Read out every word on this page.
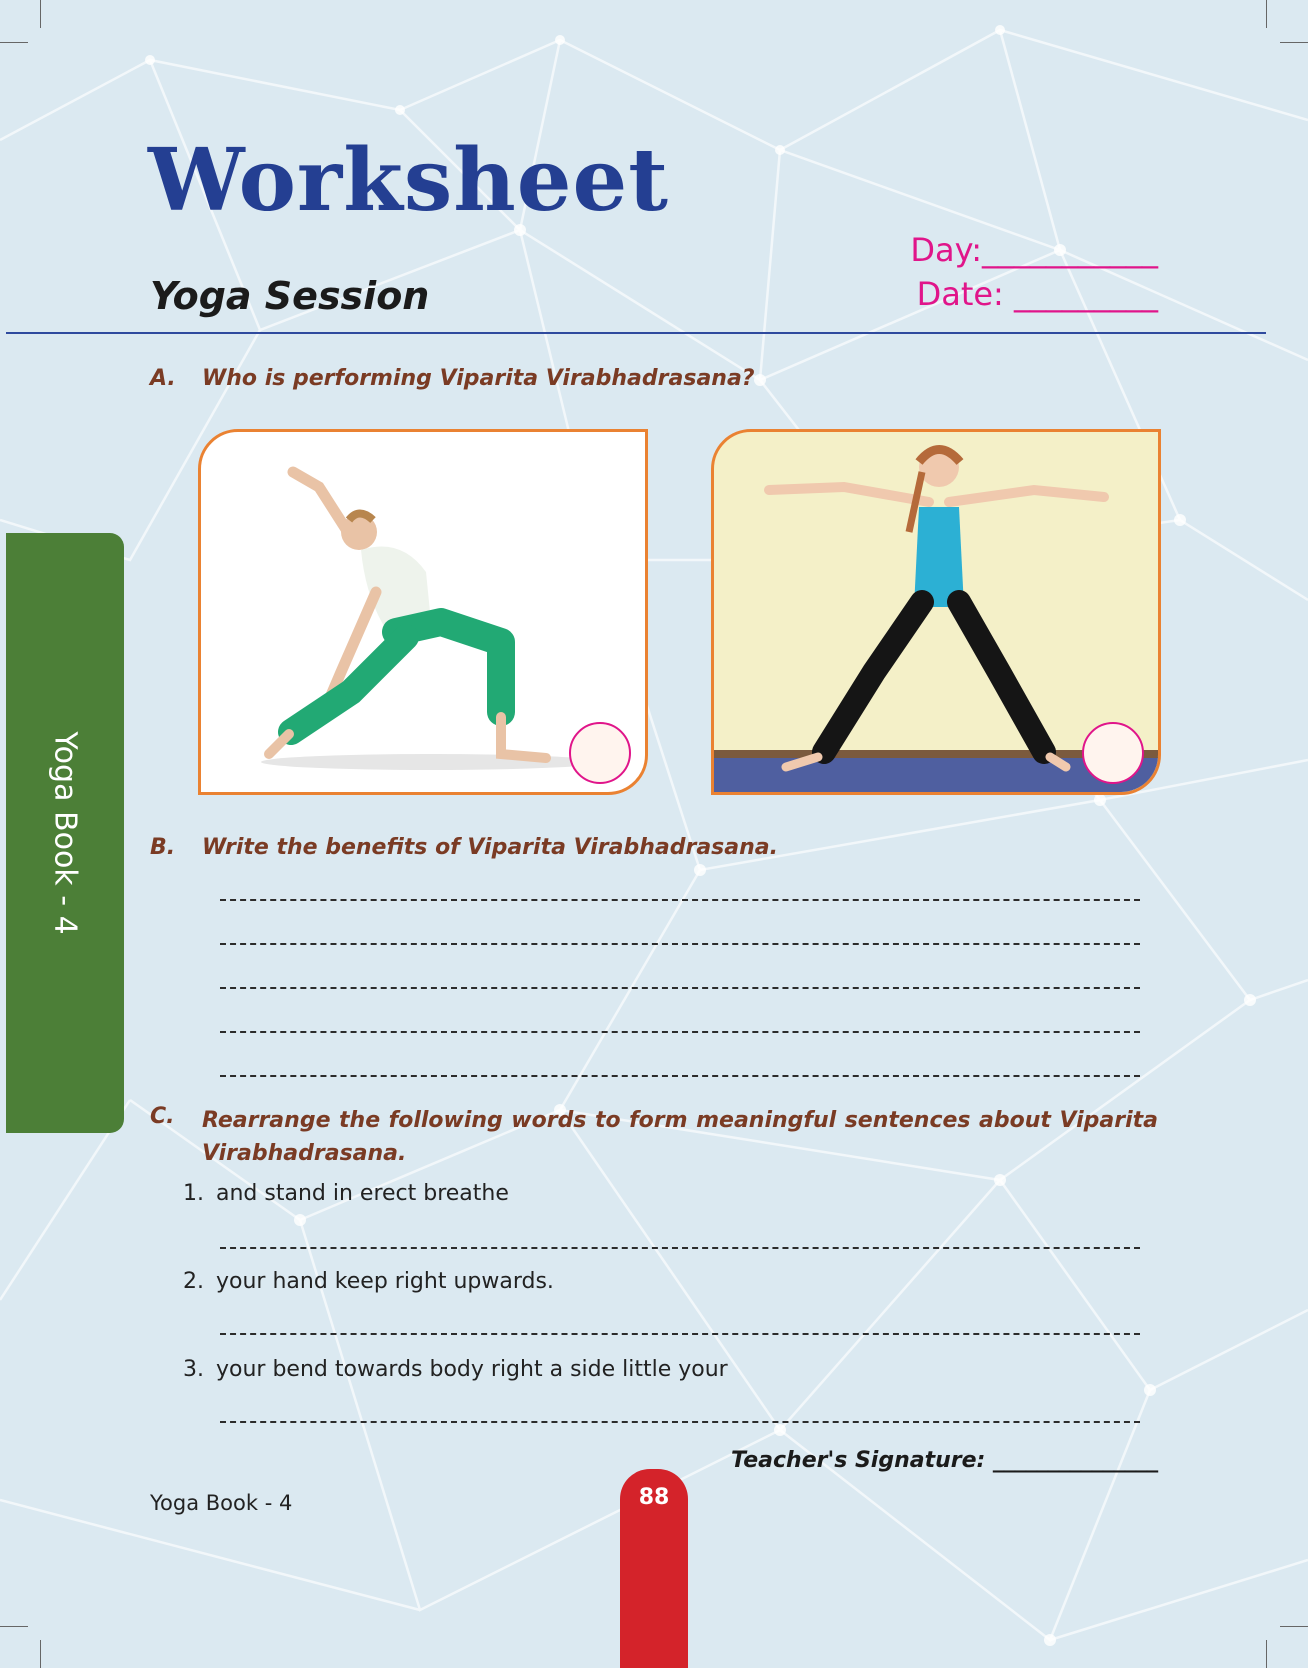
Worksheet
Yoga Session
Day:___________
Date: _________
A. Who is performing Viparita Virabhadrasana?
B. Write the benefits of Viparita Virabhadrasana.
C.	Rearrange the following words to form meaningful sentences about Viparita Virabhadrasana.
1. and stand in erect breathe
2. your hand keep right upwards.
3. your bend towards body right a side little your
Teacher's Signature: _______________
Yoga Book - 4
Yoga Book - 4	88
